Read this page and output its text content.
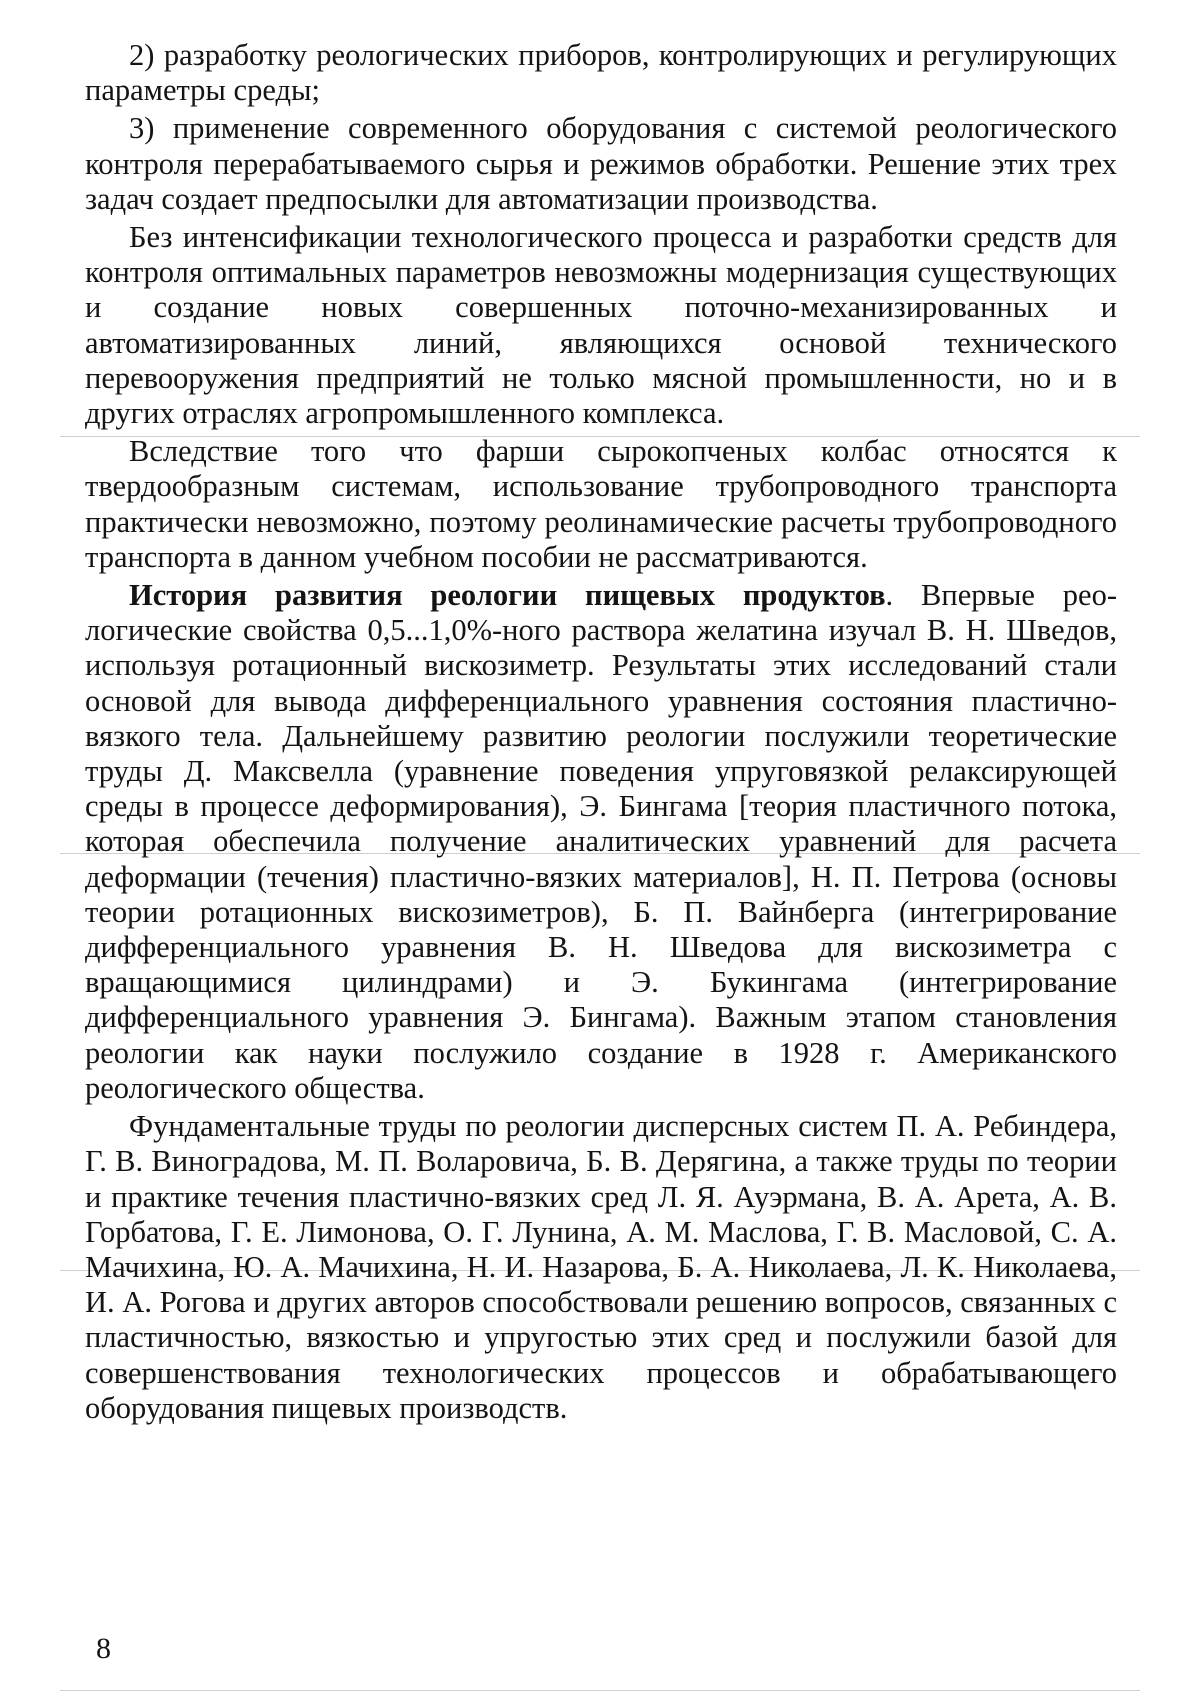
2) разработку реологических приборов, контролирующих и ре­гулирующих параметры среды;

3) применение современного оборудования с системой реоло­гического контроля перерабатываемого сырья и режимов обработ­ки. Решение этих трех задач создает предпосылки для автоматиза­ции производства.

Без интенсификации технологического процесса и разработки средств для контроля оптимальных параметров невозможны мо­дернизация существующих и создание новых совершенных поточ­но-механизированных и автоматизированных линий, являющихся основой технического перевооружения предприятий не только мясной промышленности, но и в других отраслях агропромыш­ленного комплекса.

Вследствие того что фарши сырокопченых колбас относятся к твердообразным системам, использование трубопроводного транспорта практически невозможно, поэтому реолинамические расчеты трубопроводного транспорта в данном учебном пособии не рассматриваются.

История развития реологии пищевых продуктов. Впервые рео­логические свойства 0,5...1,0%-ного раствора желатина изучал В. Н. Шведов, используя ротационный вискозиметр. Результаты этих исследований стали основой для вывода дифференциального уравнения состояния пластично-вязкого тела. Дальнейшему раз­витию реологии послужили теоретические труды Д. Максвелла (уравнение поведения упруговязкой релаксирующей среды в процессе деформирования), Э. Бингама [теория пластичного по­тока, которая обеспечила получение аналитических уравнений для расчета деформации (течения) пластично-вязких материа­лов], Н. П. Петрова (основы теории ротационных вискозимет­ров), Б. П. Вайнберга (интегрирование дифференциального урав­нения В. Н. Шведова для вискозиметра с вращающимися цилинд­рами) и Э. Букингама (интегрирование дифференциального урав­нения Э. Бингама). Важным этапом становления реологии как науки послужило создание в 1928 г. Американского реологическо­го общества.

Фундаментальные труды по реологии дисперсных систем П. А. Ребиндера, Г. В. Виноградова, М. П. Воларовича, Б. В. Деря­гина, а также труды по теории и практике течения пластично-вяз­ких сред Л. Я. Ауэрмана, В. А. Арета, А. В. Горбатова, Г. Е. Лимо­нова, О. Г. Лунина, А. М. Маслова, Г. В. Масловой, С. А. Мачихи­на, Ю. А. Мачихина, Н. И. Назарова, Б. А. Николаева, Л. К. Нико­лаева, И. А. Рогова и других авторов способствовали решению вопросов, связанных с пластичностью, вязкостью и упругостью этих сред и послужили базой для совершенствования технологи­ческих процессов и обрабатывающего оборудования пищевых производств.

8
